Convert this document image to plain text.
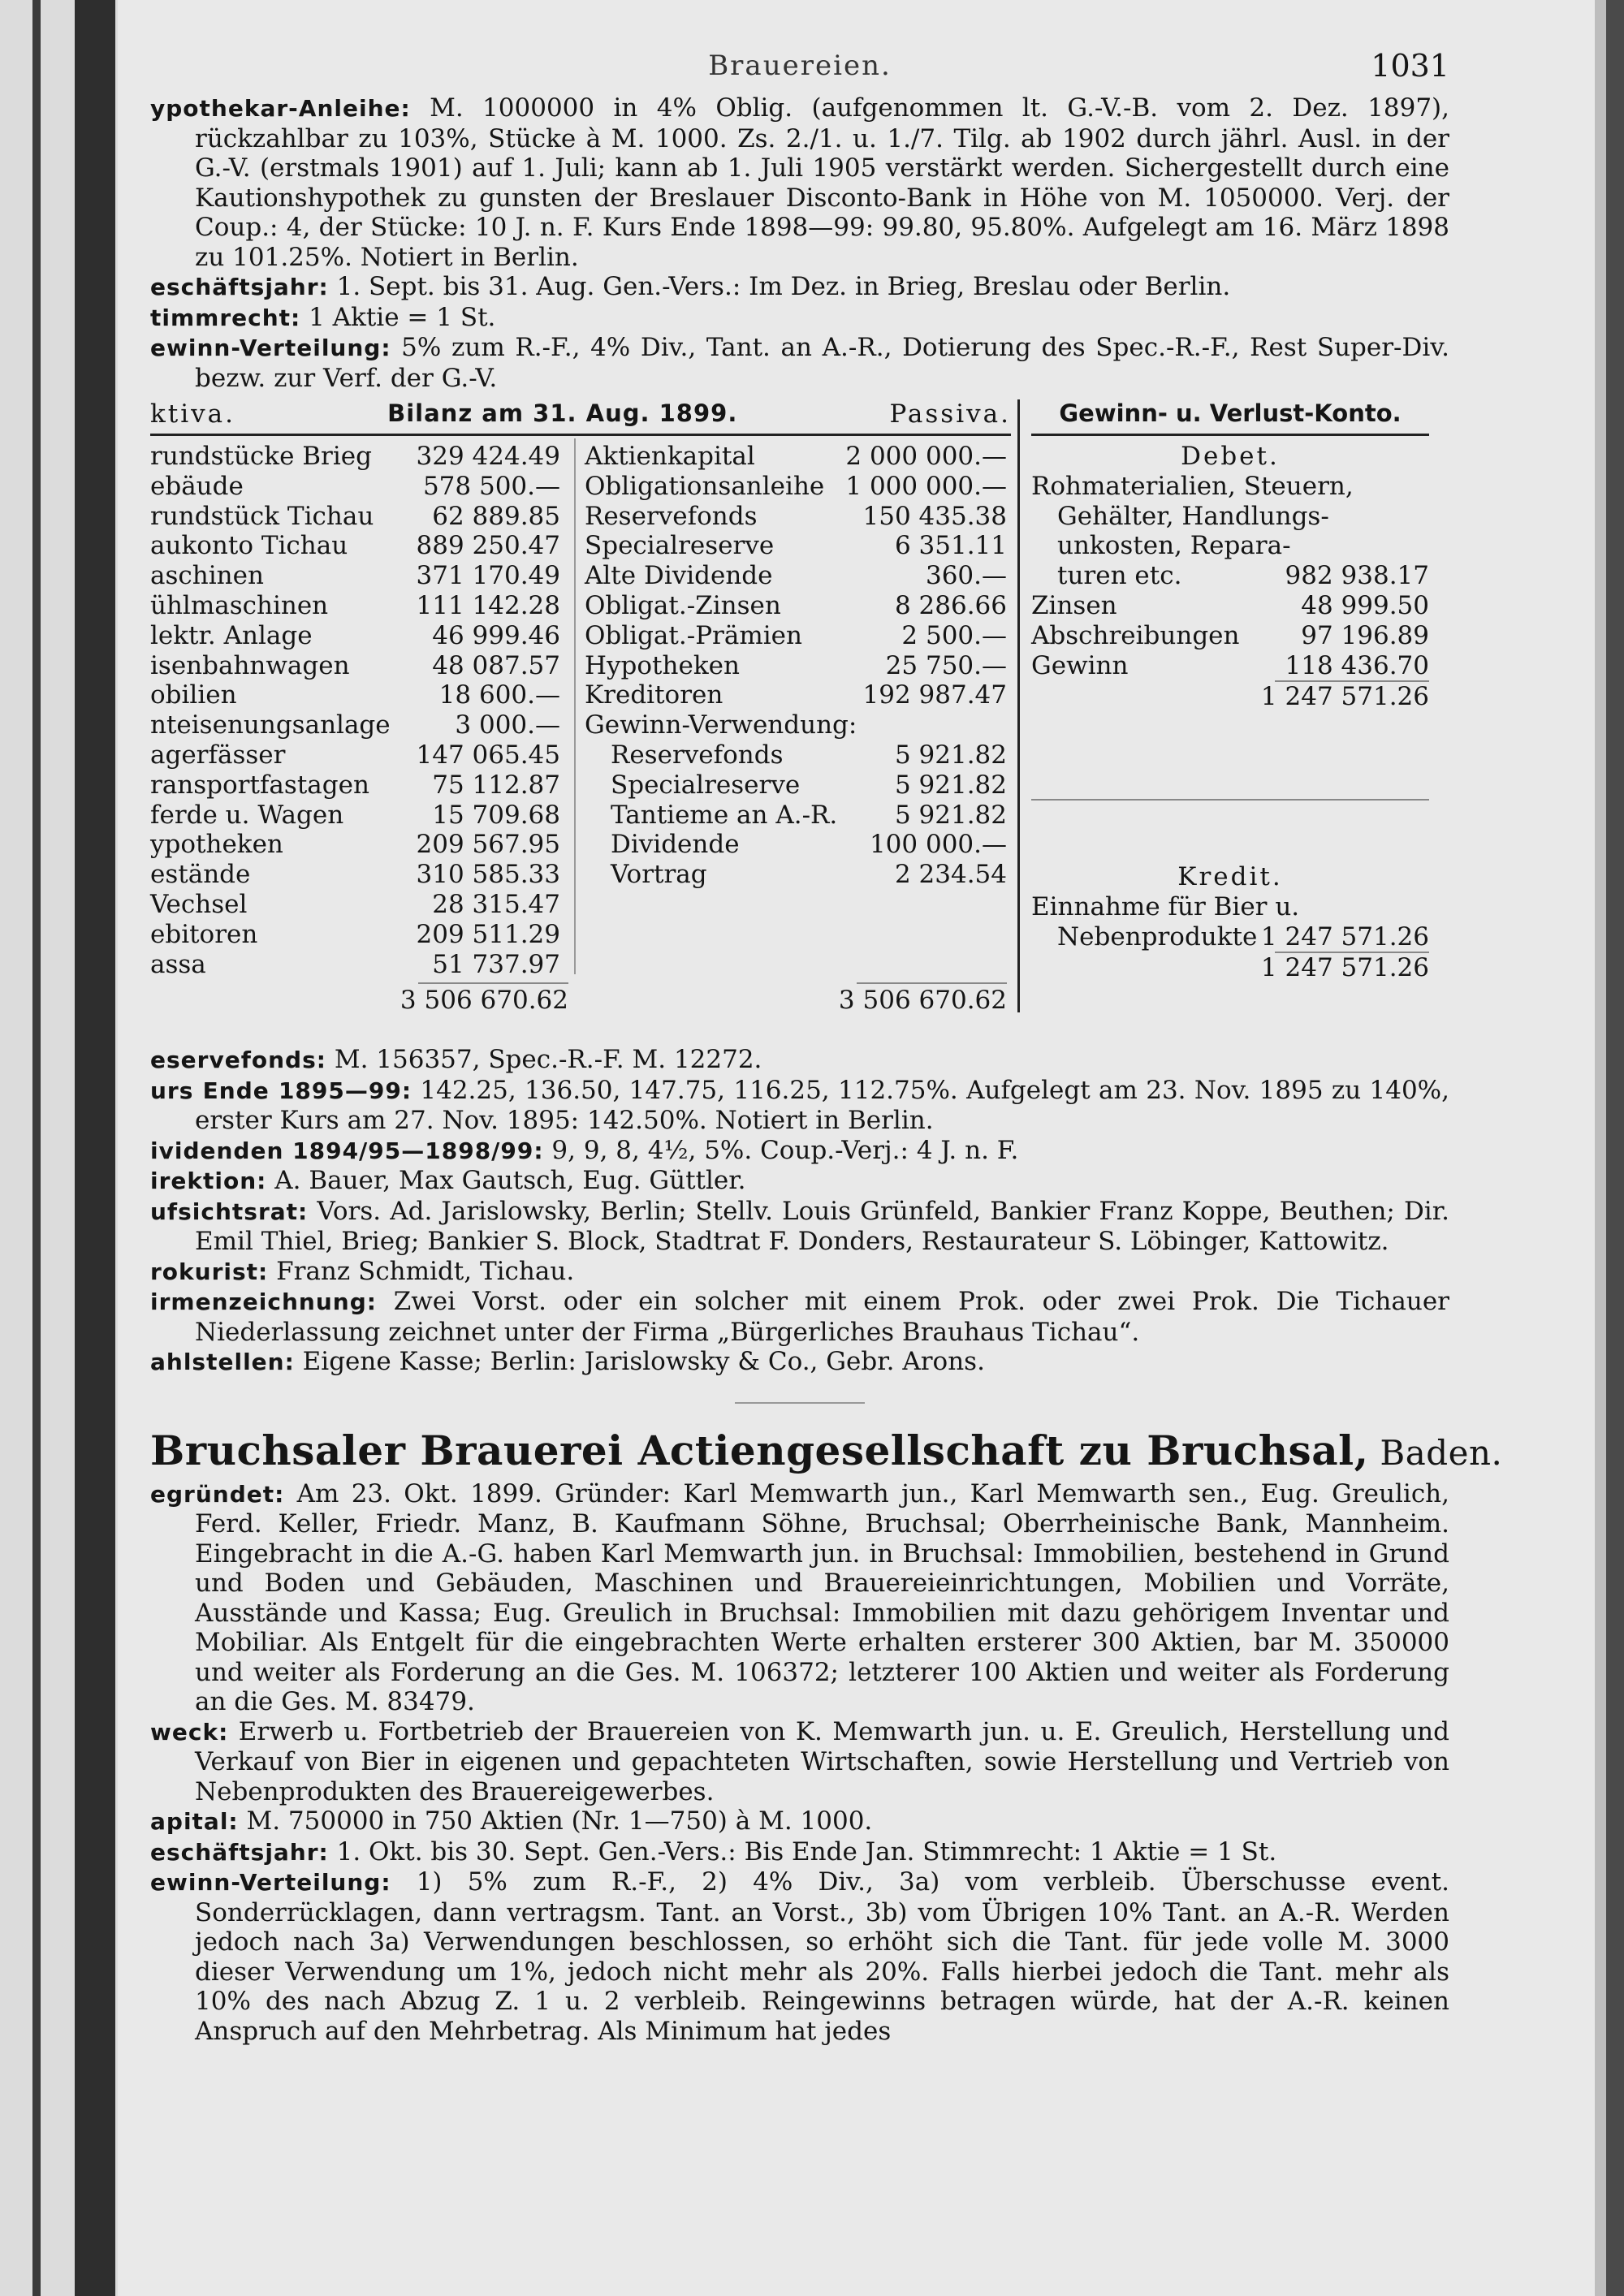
Brauereien.	1031

ypothekar-Anleihe: M. 1000000 in 4% Oblig. (aufgenommen lt. G.-V.-B. vom 2. Dez. 1897), rückzahlbar zu 103%, Stücke à M. 1000. Zs. 2./1. u. 1./7. Tilg. ab 1902 durch jährl. Ausl. in der G.-V. (erstmals 1901) auf 1. Juli; kann ab 1. Juli 1905 verstärkt werden. Sichergestellt durch eine Kautionshypothek zu gunsten der Breslauer Disconto-Bank in Höhe von M. 1050000. Verj. der Coup.: 4, der Stücke: 10 J. n. F. Kurs Ende 1898—99: 99.80, 95.80%. Aufgelegt am 16. März 1898 zu 101.25%. Notiert in Berlin.

eschäftsjahr: 1. Sept. bis 31. Aug. Gen.-Vers.: Im Dez. in Brieg, Breslau oder Berlin.

timmrecht: 1 Aktie = 1 St.

ewinn-Verteilung: 5% zum R.-F., 4% Div., Tant. an A.-R., Dotierung des Spec.-R.-F., Rest Super-Div. bezw. zur Verf. der G.-V.

ktiva.	Bilanz am 31. Aug. 1899.	Passiva.	Gewinn- u. Verlust-Konto.
rundstücke Brieg 329 424.49
ebäude	578 500.—
rundstück Tichau 62 889.85
aukonto Tichau	889 250.47
aschinen	371 170.49
ühlmaschinen	111 142.28
lektr. Anlage	46 999.46
isenbahnwagen	48 087.57
obilien	18 600.—
nteisenungsanlage	3 000.—
agerfässer	147 065.45
ransportfastagen 75 112.87
ferde u. Wagen	15 709.68
ypotheken	209 567.95
estände	310 585.33
Vechsel	28 315.47
ebitoren	209 511.29
assa	51 737.97
Aktienkapital	2 000 000.—
Obligationsanleihe 1 000 000.—
Reservefonds	150 435.38
Specialreserve	6 351.11
Alte Dividende	360.—
Obligat.-Zinsen	8 286.66
Obligat.-Prämien	2 500.—
Hypotheken	25 750.—
Kreditoren	192 987.47
Gewinn-Verwendung:
Reservefonds	5 921.82
Specialreserve	5 921.82
Tantieme an A.-R. 5 921.82
Dividende	100 000.—
Vortrag	2 234.54
3 506 670.62	3 506 670.62
Debet.
Rohmaterialien, Steuern,
Gehälter, Handlungs-
unkosten, Repara-
turen etc.	982 938.17
Zinsen	48 999.50
Abschreibungen 97 196.89
Gewinn	118 436.70
1 247 571.26
Kredit.
Einnahme für Bier u.
Nebenprodukte 1 247 571.26
1 247 571.26

eservefonds: M. 156357, Spec.-R.-F. M. 12272.

urs Ende 1895—99: 142.25, 136.50, 147.75, 116.25, 112.75%. Aufgelegt am 23. Nov. 1895 zu 140%, erster Kurs am 27. Nov. 1895: 142.50%. Notiert in Berlin.

ividenden 1894/95—1898/99: 9, 9, 8, 4½, 5%. Coup.-Verj.: 4 J. n. F.

irektion: A. Bauer, Max Gautsch, Eug. Güttler.

ufsichtsrat: Vors. Ad. Jarislowsky, Berlin; Stellv. Louis Grünfeld, Bankier Franz Koppe, Beuthen; Dir. Emil Thiel, Brieg; Bankier S. Block, Stadtrat F. Donders, Restaurateur S. Löbinger, Kattowitz.

rokurist: Franz Schmidt, Tichau.

irmenzeichnung: Zwei Vorst. oder ein solcher mit einem Prok. oder zwei Prok. Die Tichauer Niederlassung zeichnet unter der Firma „Bürgerliches Brauhaus Tichau“.

ahlstellen: Eigene Kasse; Berlin: Jarislowsky & Co., Gebr. Arons.

Bruchsaler Brauerei Actiengesellschaft zu Bruchsal, Baden.

egründet: Am 23. Okt. 1899. Gründer: Karl Memwarth jun., Karl Memwarth sen., Eug. Greulich, Ferd. Keller, Friedr. Manz, B. Kaufmann Söhne, Bruchsal; Oberrheinische Bank, Mannheim. Eingebracht in die A.-G. haben Karl Memwarth jun. in Bruchsal: Immobilien, bestehend in Grund und Boden und Gebäuden, Maschinen und Brauereieinrichtungen, Mobilien und Vorräte, Ausstände und Kassa; Eug. Greulich in Bruchsal: Immobilien mit dazu gehörigem Inventar und Mobiliar. Als Entgelt für die eingebrachten Werte erhalten ersterer 300 Aktien, bar M. 350000 und weiter als Forderung an die Ges. M. 106372; letzterer 100 Aktien und weiter als Forderung an die Ges. M. 83479.

weck: Erwerb u. Fortbetrieb der Brauereien von K. Memwarth jun. u. E. Greulich, Herstellung und Verkauf von Bier in eigenen und gepachteten Wirtschaften, sowie Herstellung und Vertrieb von Nebenprodukten des Brauereigewerbes.

apital: M. 750000 in 750 Aktien (Nr. 1—750) à M. 1000.

eschäftsjahr: 1. Okt. bis 30. Sept. Gen.-Vers.: Bis Ende Jan. Stimmrecht: 1 Aktie = 1 St.

ewinn-Verteilung: 1) 5% zum R.-F., 2) 4% Div., 3a) vom verbleib. Überschusse event. Sonderrücklagen, dann vertragsm. Tant. an Vorst., 3b) vom Übrigen 10% Tant. an A.-R. Werden jedoch nach 3a) Verwendungen beschlossen, so erhöht sich die Tant. für jede volle M. 3000 dieser Verwendung um 1%, jedoch nicht mehr als 20%. Falls hierbei jedoch die Tant. mehr als 10% des nach Abzug Z. 1 u. 2 verbleib. Reingewinns betragen würde, hat der A.-R. keinen Anspruch auf den Mehrbetrag. Als Minimum hat jedes
